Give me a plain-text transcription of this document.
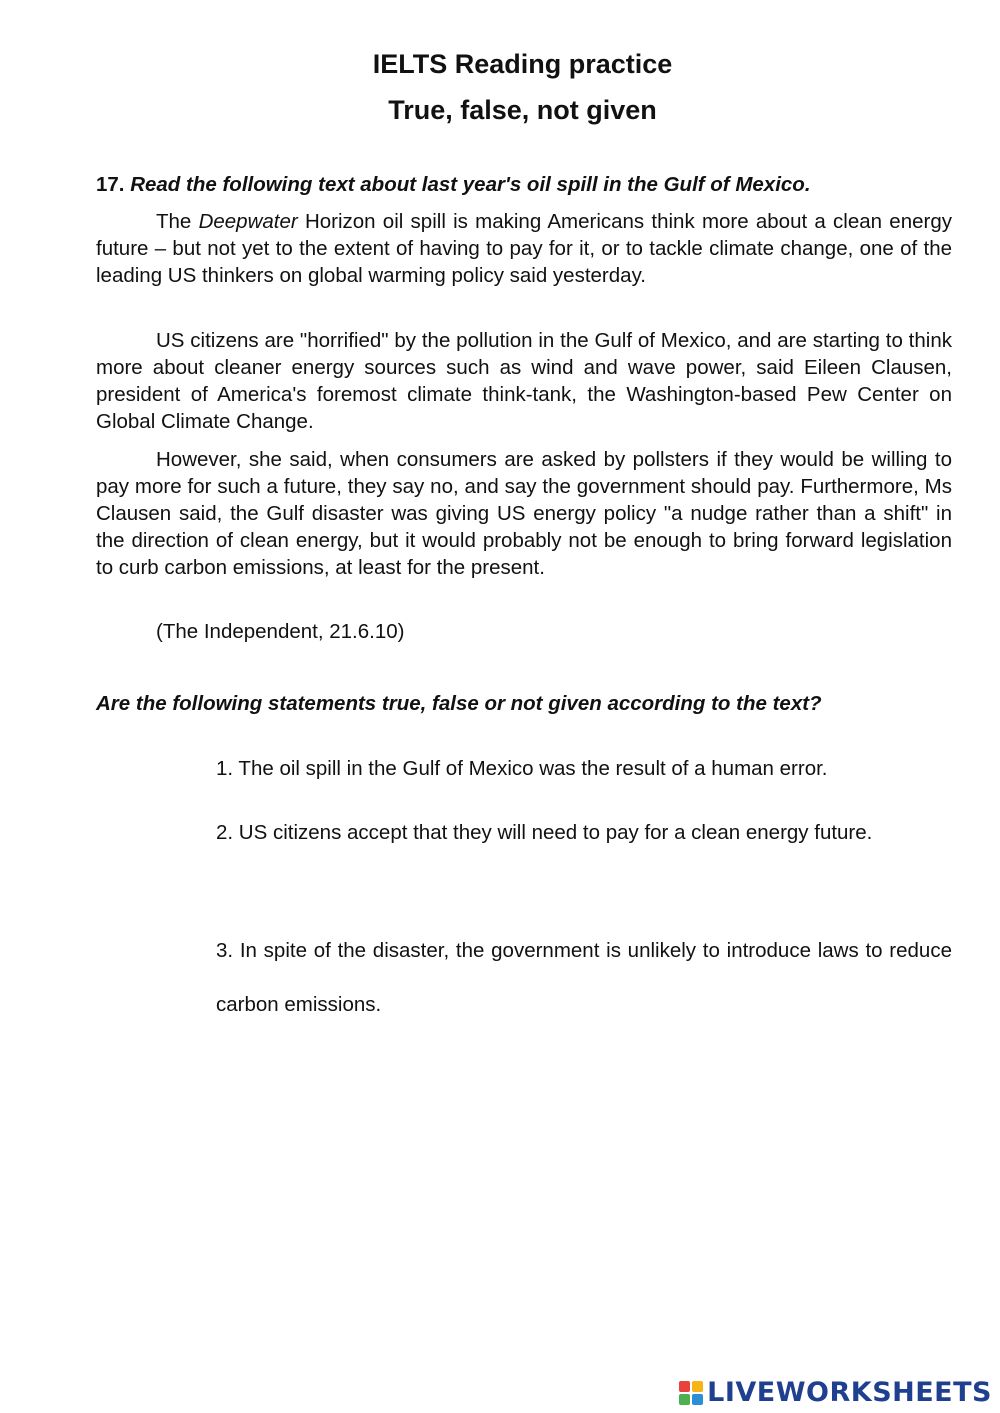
IELTS Reading practice
True, false, not given

17. Read the following text about last year's oil spill in the Gulf of Mexico.

The Deepwater Horizon oil spill is making Americans think more about a clean energy future – but not yet to the extent of having to pay for it, or to tackle climate change, one of the leading US thinkers on global warming policy said yesterday.

US citizens are "horrified" by the pollution in the Gulf of Mexico, and are starting to think more about cleaner energy sources such as wind and wave power, said Eileen Clausen, president of America's foremost climate think-tank, the Washington-based Pew Center on Global Climate Change.

However, she said, when consumers are asked by pollsters if they would be willing to pay more for such a future, they say no, and say the government should pay. Furthermore, Ms Clausen said, the Gulf disaster was giving US energy policy "a nudge rather than a shift" in the direction of clean energy, but it would probably not be enough to bring forward legislation to curb carbon emissions, at least for the present.

(The Independent, 21.6.10)

Are the following statements true, false or not given according to the text?

1. The oil spill in the Gulf of Mexico was the result of a human error.

2. US citizens accept that they will need to pay for a clean energy future.

3. In spite of the disaster, the government is unlikely to introduce laws to reduce carbon emissions.

LIVEWORKSHEETS
